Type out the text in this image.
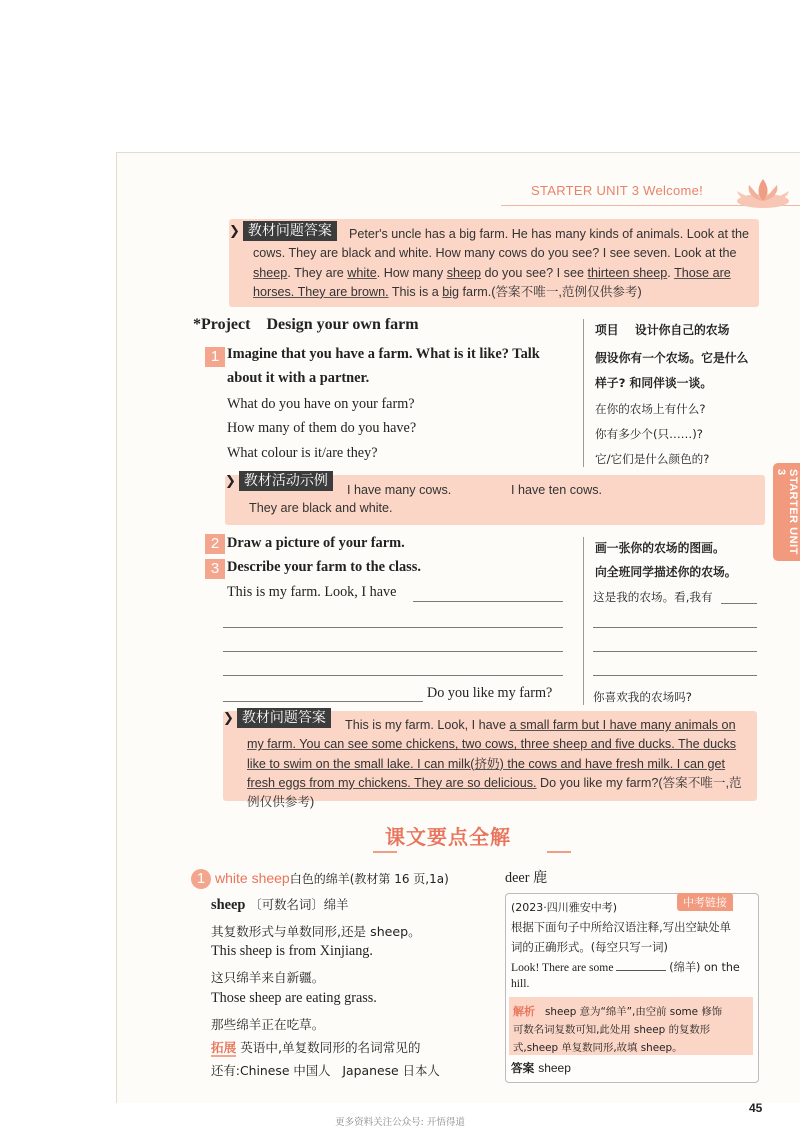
STARTER UNIT 3 Welcome!
❯ 教材问题答案	Peter's uncle has a big farm. He has many kinds of animals. Look at the cows. They are black and white. How many cows do you see? I see seven. Look at the sheep. They are white. How many sheep do you see? I see thirteen sheep. Those are horses. They are brown. This is a big farm.(答案不唯一,范例仅供参考)
*Project    Design your own farm	项目    设计你自己的农场
1 Imagine that you have a farm. What is it like? Talk
about it with a partner.
假设你有一个农场。它是什么
样子? 和同伴谈一谈。
What do you have on your farm?
How many of them do you have?
What colour is it/are they?
在你的农场上有什么?
你有多少个(只……)?
它/它们是什么颜色的?
❯ 教材活动示例
I have many cows.	I have ten cows.
They are black and white.	STARTER UNIT 3
2 Draw a picture of your farm.	画一张你的农场的图画。
3 Describe your farm to the class.	向全班同学描述你的农场。
This is my farm. Look, I have	这是我的农场。看,我有
Do you like my farm?	你喜欢我的农场吗?
❯ 教材问题答案	This is my farm. Look, I have a small farm but I have many animals on my farm. You can see some chickens, two cows, three sheep and five ducks. The ducks like to swim on the small lake. I can milk(挤奶) the cows and have fresh milk. I can get fresh eggs from my chickens. They are so delicious. Do you like my farm?(答案不唯一,范例仅供参考)
课文要点全解
1 white sheep白色的绵羊(教材第 16 页,1a)
sheep 〔可数名词〕绵羊
其复数形式与单数同形,还是 sheep。
This sheep is from Xinjiang.
这只绵羊来自新疆。
Those sheep are eating grass.
那些绵羊正在吃草。
拓展 英语中,单复数同形的名词常见的
还有:Chinese 中国人   Japanese 日本人
deer 鹿
中考链接
(2023·四川雅安中考)
根据下面句子中所给汉语注释,写出空缺处单
词的正确形式。(每空只写一词)
Look! There are some	(绵羊) on the
hill.
解析 sheep 意为“绵羊”,由空前 some 修饰
可数名词复数可知,此处用 sheep 的复数形
式,sheep 单复数同形,故填 sheep。
答案 sheep
45
更多资料关注公众号: 开悟得道
